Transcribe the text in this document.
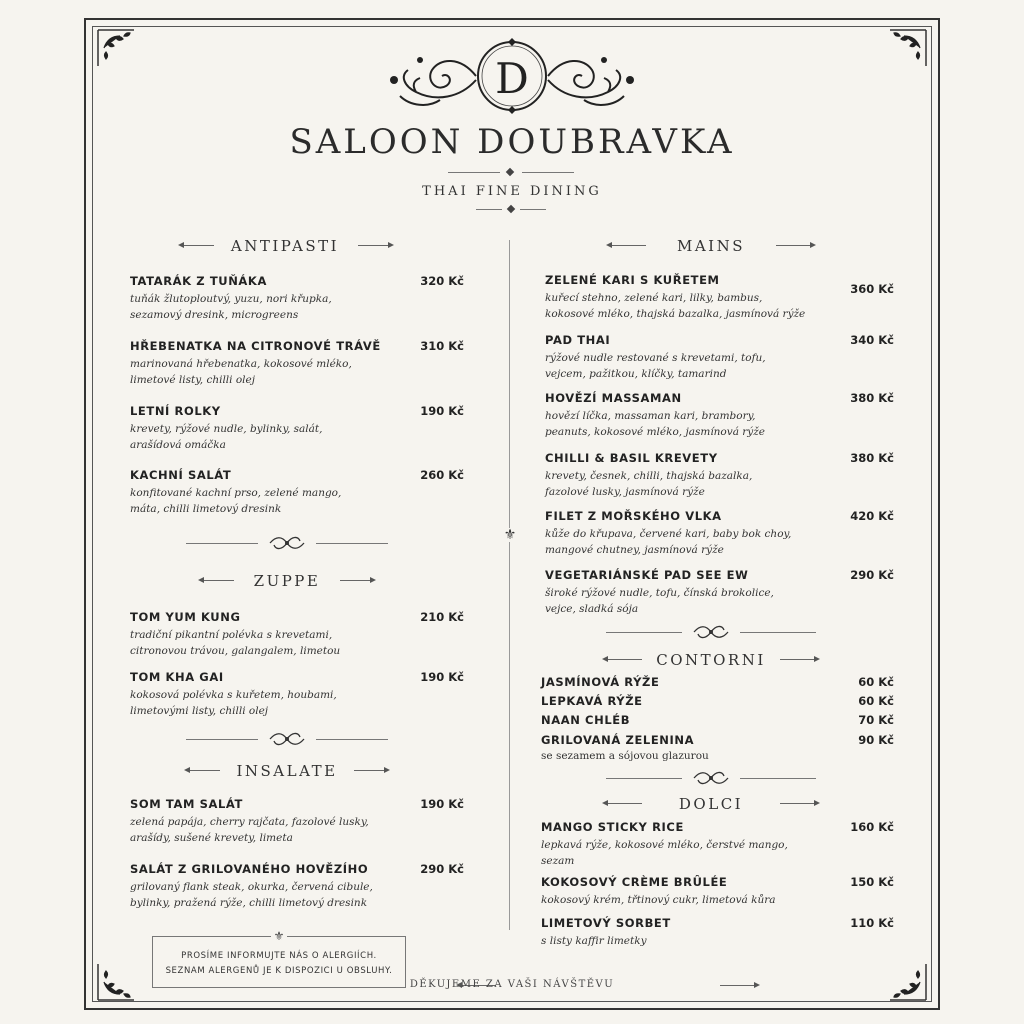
D
SALOON DOUBRAVKA
THAI FINE DINING
⚜
ANTIPASTI
TATARÁK Z TUŇÁKA
tuňák žlutoploutvý, yuzu, nori křupka,
sezamový dresink, microgreens
320 Kč
HŘEBENATKA NA CITRONOVÉ TRÁVĚ
marinovaná hřebenatka, kokosové mléko,
limetové listy, chilli olej
310 Kč
LETNÍ ROLKY
krevety, rýžové nudle, bylinky, salát,
arašídová omáčka
190 Kč
KACHNÍ SALÁT
konfitované kachní prso, zelené mango,
máta, chilli limetový dresink
260 Kč
ZUPPE
TOM YUM KUNG
tradiční pikantní polévka s krevetami,
citronovou trávou, galangalem, limetou
210 Kč
TOM KHA GAI
kokosová polévka s kuřetem, houbami,
limetovými listy, chilli olej
190 Kč
INSALATE
SOM TAM SALÁT
zelená papája, cherry rajčata, fazolové lusky,
arašídy, sušené krevety, limeta
190 Kč
SALÁT Z GRILOVANÉHO HOVĚZÍHO
grilovaný flank steak, okurka, červená cibule,
bylinky, pražená rýže, chilli limetový dresink
290 Kč
PROSÍME INFORMUJTE NÁS O ALERGIÍCH.
SEZNAM ALERGENŮ JE K DISPOZICI U OBSLUHY.
⚜
MAINS
ZELENÉ KARI S KUŘETEM
kuřecí stehno, zelené kari, lilky, bambus,
kokosové mléko, thajská bazalka, jasmínová rýže
360 Kč
PAD THAI
rýžové nudle restované s krevetami, tofu,
vejcem, pažitkou, klíčky, tamarind
340 Kč
HOVĚZÍ MASSAMAN
hovězí líčka, massaman kari, brambory,
peanuts, kokosové mléko, jasmínová rýže
380 Kč
CHILLI & BASIL KREVETY
krevety, česnek, chilli, thajská bazalka,
fazolové lusky, jasmínová rýže
380 Kč
FILET Z MOŘSKÉHO VLKA
kůže do křupava, červené kari, baby bok choy,
mangové chutney, jasmínová rýže
420 Kč
VEGETARIÁNSKÉ PAD SEE EW
široké rýžové nudle, tofu, čínská brokolice,
vejce, sladká sója
290 Kč
CONTORNI
JASMÍNOVÁ RÝŽE	60 Kč
LEPKAVÁ RÝŽE	60 Kč
NAAN CHLÉB	70 Kč
GRILOVANÁ ZELENINA
se sezamem a sójovou glazurou
90 Kč
DOLCI
MANGO STICKY RICE
lepkavá rýže, kokosové mléko, čerstvé mango,
sezam
160 Kč
KOKOSOVÝ CRÈME BRÛLÉE
kokosový krém, třtinový cukr, limetová kůra
150 Kč
LIMETOVÝ SORBET
s listy kaffir limetky
110 Kč
DĚKUJEME ZA VAŠI NÁVŠTĚVU
